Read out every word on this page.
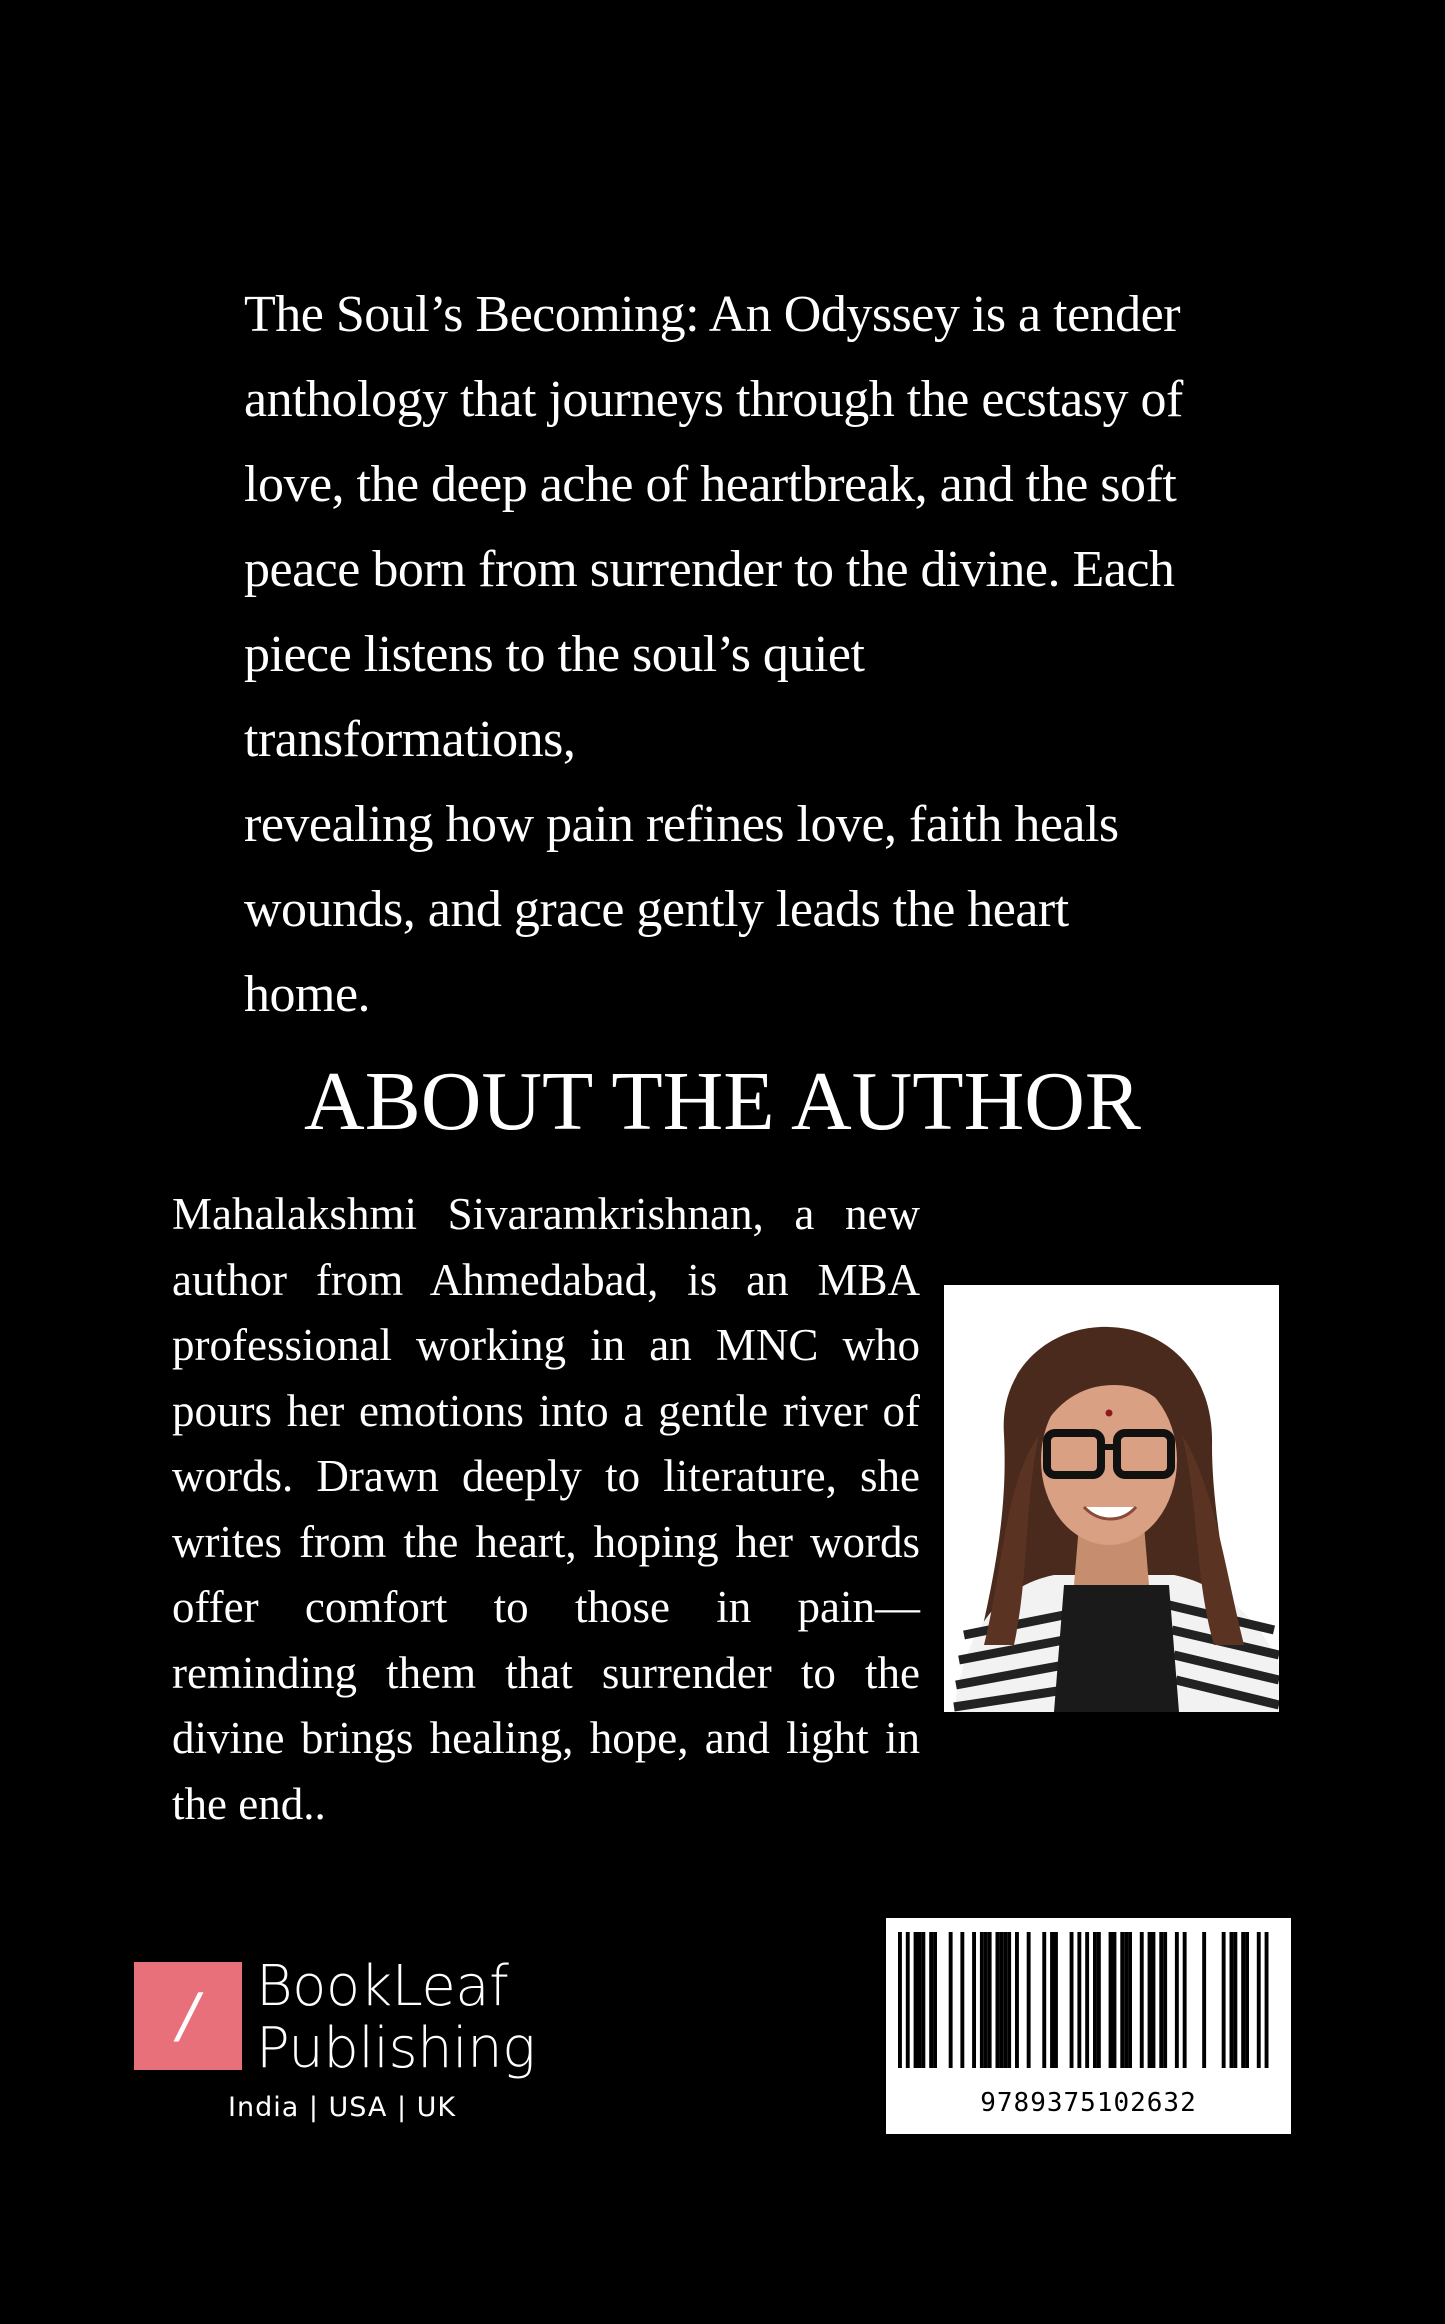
The Soul’s Becoming: An Odyssey is a tender
anthology that journeys through the ecstasy of
love, the deep ache of heartbreak, and the soft
peace born from surrender to the divine. Each
piece listens to the soul’s quiet transformations,
revealing how pain refines love, faith heals
wounds, and grace gently leads the heart home.

ABOUT THE AUTHOR

Mahalakshmi Sivaramkrishnan, a new author from Ahmedabad, is an MBA professional working in an MNC who pours her emotions into a gentle river of words. Drawn deeply to literature, she writes from the heart, hoping her words offer comfort to those in pain—reminding them that surrender to the divine brings healing, hope, and light in the end..

/	BookLeaf
Publishing
India | USA | UK	9789375102632
